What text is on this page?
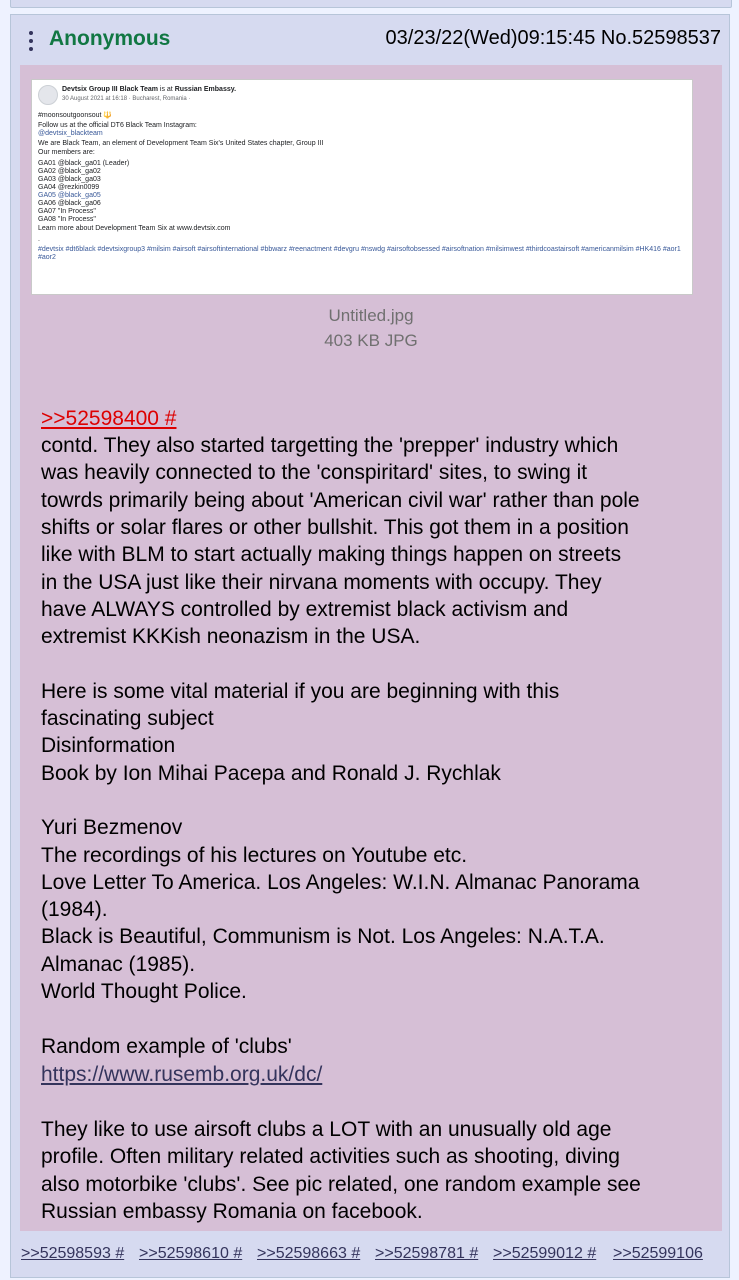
Anonymous	03/23/22(Wed)09:15:45 No.52598537
Devtsix Group III Black Team is at Russian Embassy.
30 August 2021 at 16:18 · Bucharest, Romania ·
#moonsoutgoonsout 🔱
Follow us at the official DT6 Black Team Instagram:
@devtsix_blackteam
We are Black Team, an element of Development Team Six's United States chapter, Group III
Our members are:
GA01 @black_ga01 (Leader)
GA02 @black_ga02
GA03 @black_ga03
GA04 @rezkin0099
GA05 @black_ga05
GA06 @black_ga06
GA07 "In Process"
GA08 "In Process"
Learn more about Development Team Six at www.devtsix.com
.
#devtsix #dt6black #devtsixgroup3 #milsim #airsoft #airsoftinternational #bbwarz #reenactment #devgru #nswdg #airsoftobsessed #airsoftnation #milsimwest #thirdcoastairsoft #americanmilsim #HK416 #aor1 #aor2
Untitled.jpg
403 KB JPG
>>52598400 #
contd. They also started targetting the 'prepper' industry which
was heavily connected to the 'conspiritard' sites, to swing it
towrds primarily being about 'American civil war' rather than pole
shifts or solar flares or other bullshit. This got them in a position
like with BLM to start actually making things happen on streets
in the USA just like their nirvana moments with occupy. They
have ALWAYS controlled by extremist black activism and
extremist KKKish neonazism in the USA.
Here is some vital material if you are beginning with this
fascinating subject
Disinformation
Book by Ion Mihai Pacepa and Ronald J. Rychlak
Yuri Bezmenov
The recordings of his lectures on Youtube etc.
Love Letter To America. Los Angeles: W.I.N. Almanac Panorama
(1984).
Black is Beautiful, Communism is Not. Los Angeles: N.A.T.A.
Almanac (1985).
World Thought Police.
Random example of 'clubs'
https://www.rusemb.org.uk/dc/
They like to use airsoft clubs a LOT with an unusually old age
profile. Often military related activities such as shooting, diving
also motorbike 'clubs'. See pic related, one random example see
Russian embassy Romania on facebook.
>>52598593 # >>52598610 # >>52598663 # >>52598781 # >>52599012 # >>52599106
